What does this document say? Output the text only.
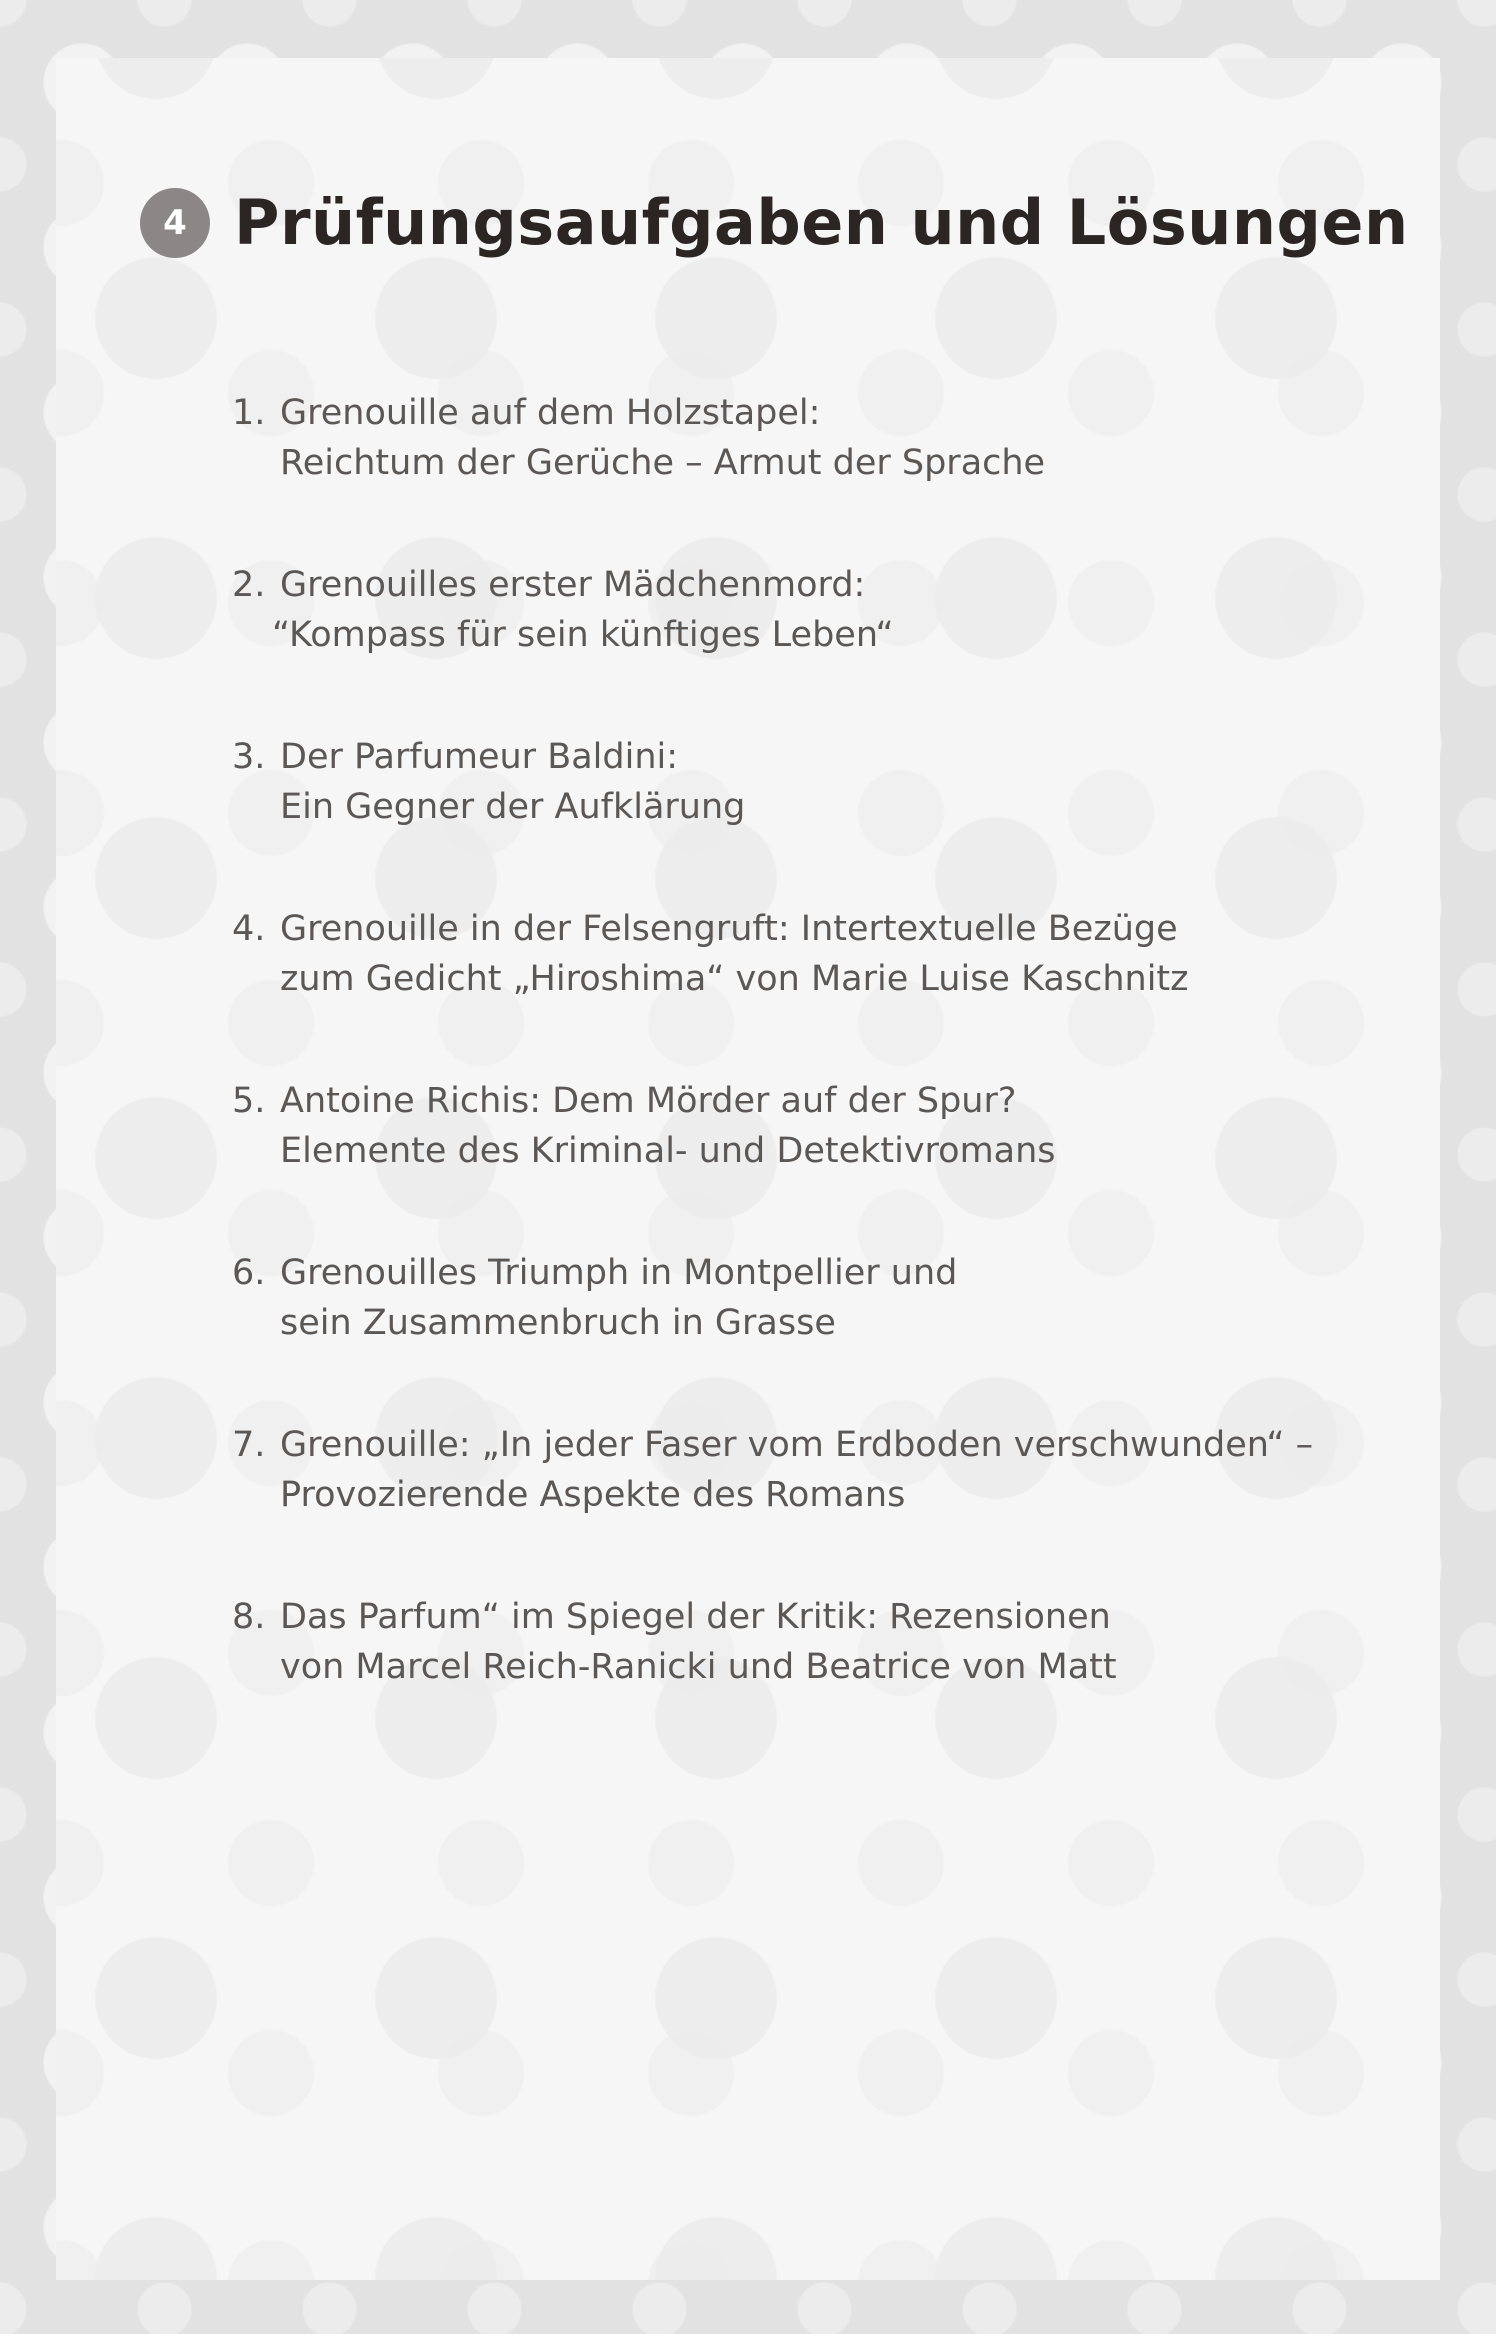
4 Prüfungsaufgaben und Lösungen
1. Grenouille auf dem Holzstapel:
Reichtum der Gerüche – Armut der Sprache
2. Grenouilles erster Mädchenmord:
“Kompass für sein künftiges Leben“
3. Der Parfumeur Baldini:
Ein Gegner der Aufklärung
4. Grenouille in der Felsengruft: Intertextuelle Bezüge
zum Gedicht „Hiroshima“ von Marie Luise Kaschnitz
5. Antoine Richis: Dem Mörder auf der Spur?
Elemente des Kriminal- und Detektivromans
6. Grenouilles Triumph in Montpellier und
sein Zusammenbruch in Grasse
7. Grenouille: „In jeder Faser vom Erdboden verschwunden“ –
Provozierende Aspekte des Romans
8. Das Parfum“ im Spiegel der Kritik: Rezensionen
von Marcel Reich-Ranicki und Beatrice von Matt
